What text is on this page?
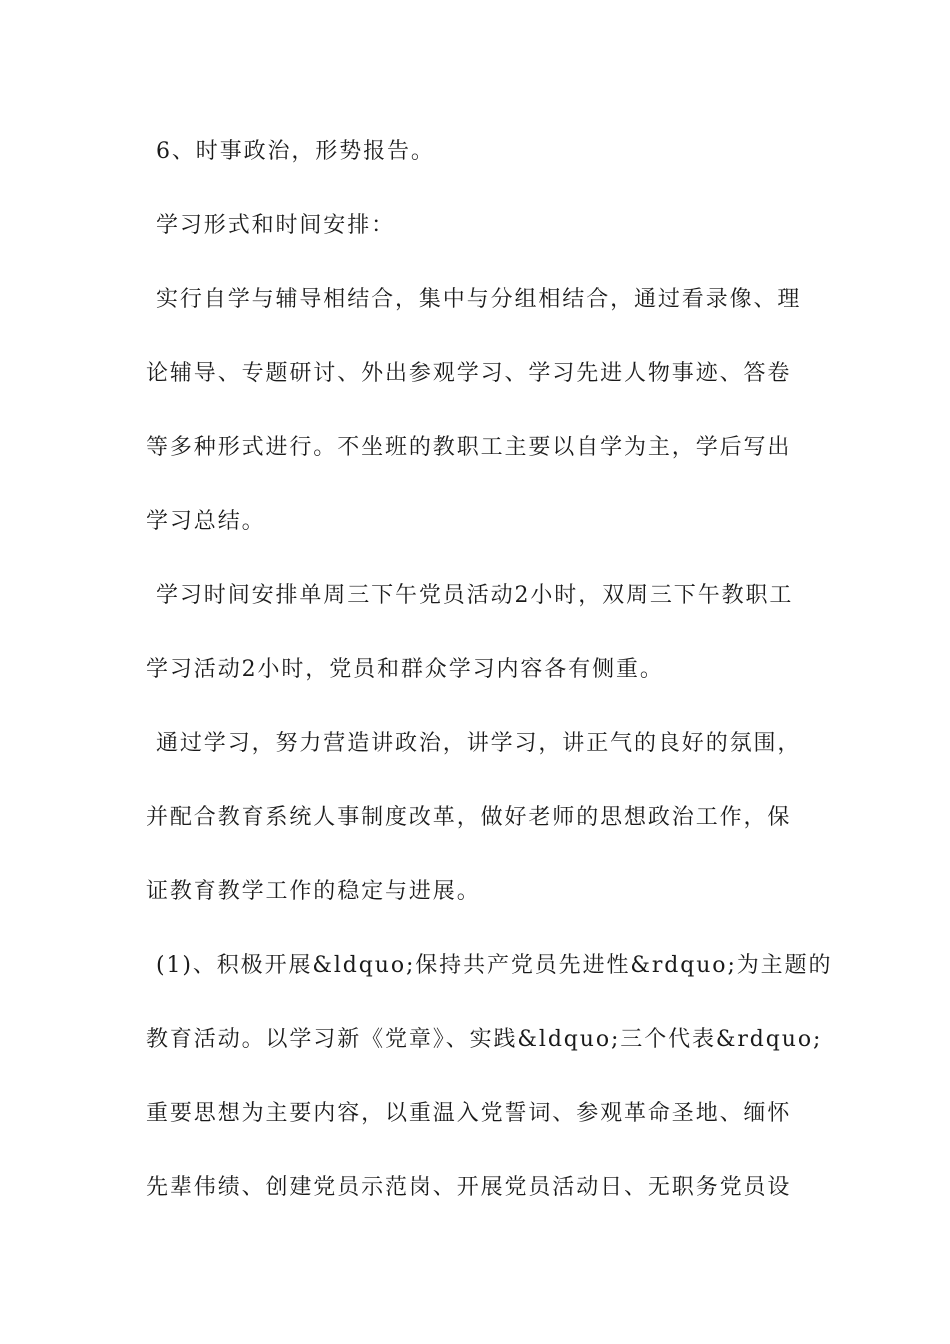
6、时事政治，形势报告。
学习形式和时间安排：
实行自学与辅导相结合，集中与分组相结合，通过看录像、理
论辅导、专题研讨、外出参观学习、学习先进人物事迹、答卷
等多种形式进行。不坐班的教职工主要以自学为主，学后写出
学习总结。
学习时间安排单周三下午党员活动2小时，双周三下午教职工
学习活动2小时，党员和群众学习内容各有侧重。
通过学习，努力营造讲政治，讲学习，讲正气的良好的氛围，
并配合教育系统人事制度改革，做好老师的思想政治工作，保
证教育教学工作的稳定与进展。
(1)、积极开展&ldquo;保持共产党员先进性&rdquo;为主题的
教育活动。以学习新《党章》、实践&ldquo;三个代表&rdquo;
重要思想为主要内容，以重温入党誓词、参观革命圣地、缅怀
先辈伟绩、创建党员示范岗、开展党员活动日、无职务党员设
